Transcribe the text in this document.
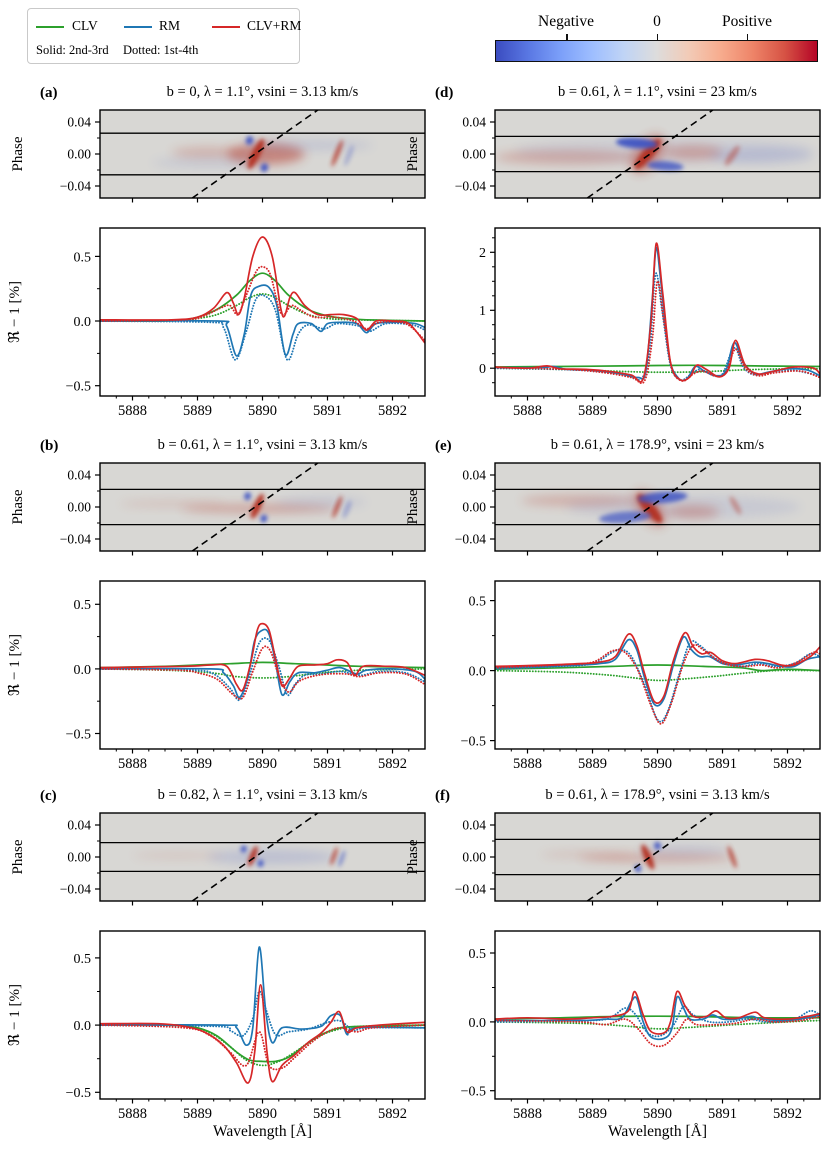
CLV	RM	CLV+RM
Solid: 2nd-3rd Dotted: 1st-4th
Negative	0	Positive
(a)	b = 0, λ = 1.1°, vsini = 3.13 km/s
Phase
0.04
0.00
−0.04
ℜ − 1 [%]
−0.5
0.0
0.5
5888 5889 5890 5891 5892
(b)	b = 0.61, λ = 1.1°, vsini = 3.13 km/s
Phase
0.04
0.00
−0.04
ℜ − 1 [%]
−0.5
0.0
0.5
5888 5889 5890 5891 5892
(c)	b = 0.82, λ = 1.1°, vsini = 3.13 km/s
Phase
0.04
0.00
−0.04
ℜ − 1 [%]
−0.5
0.0
0.5
5888 5889 5890 5891 5892
Wavelength [Å]
(d)	b = 0.61, λ = 1.1°, vsini = 23 km/s
Phase
0.04
0.00
−0.04
0
1
2
5888 5889 5890 5891 5892
(e)	b = 0.61, λ = 178.9°, vsini = 23 km/s
Phase
0.04
0.00
−0.04
−0.5
0.0
0.5
5888 5889 5890 5891 5892
(f)	b = 0.61, λ = 178.9°, vsini = 3.13 km/s
Phase
0.04
0.00
−0.04
−0.5
0.0
0.5
5888 5889 5890 5891 5892
Wavelength [Å]
